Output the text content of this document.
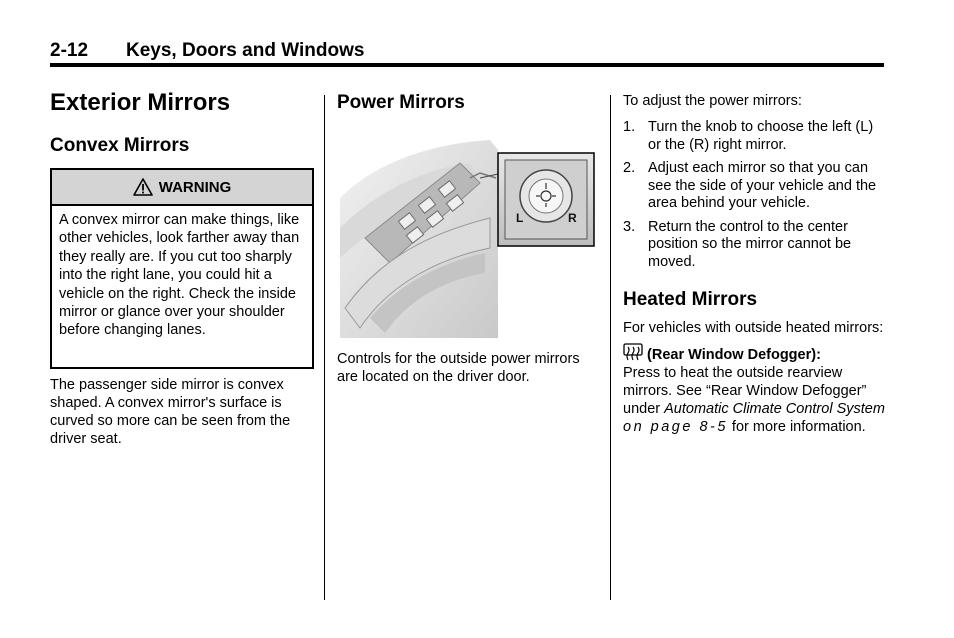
2-12 Keys, Doors and Windows
Exterior Mirrors
Convex Mirrors
WARNING
A convex mirror can make things, like other vehicles, look farther away than they really are. If you cut too sharply into the right lane, you could hit a vehicle on the right. Check the inside mirror or glance over your shoulder before changing lanes.

The passenger side mirror is convex shaped. A convex mirror's surface is curved so more can be seen from the driver seat.

Power Mirrors
L	R

Controls for the outside power mirrors are located on the driver door.

To adjust the power mirrors:

1. Turn the knob to choose the left (L) or the (R) right mirror.
2. Adjust each mirror so that you can see the side of your vehicle and the area behind your vehicle.
3. Return the control to the center position so the mirror cannot be moved.
Heated Mirrors

For vehicles with outside heated mirrors:

(Rear Window Defogger):
Press to heat the outside rearview mirrors. See “Rear Window Defogger” under Automatic Climate Control System on page 8-5 for more information.
